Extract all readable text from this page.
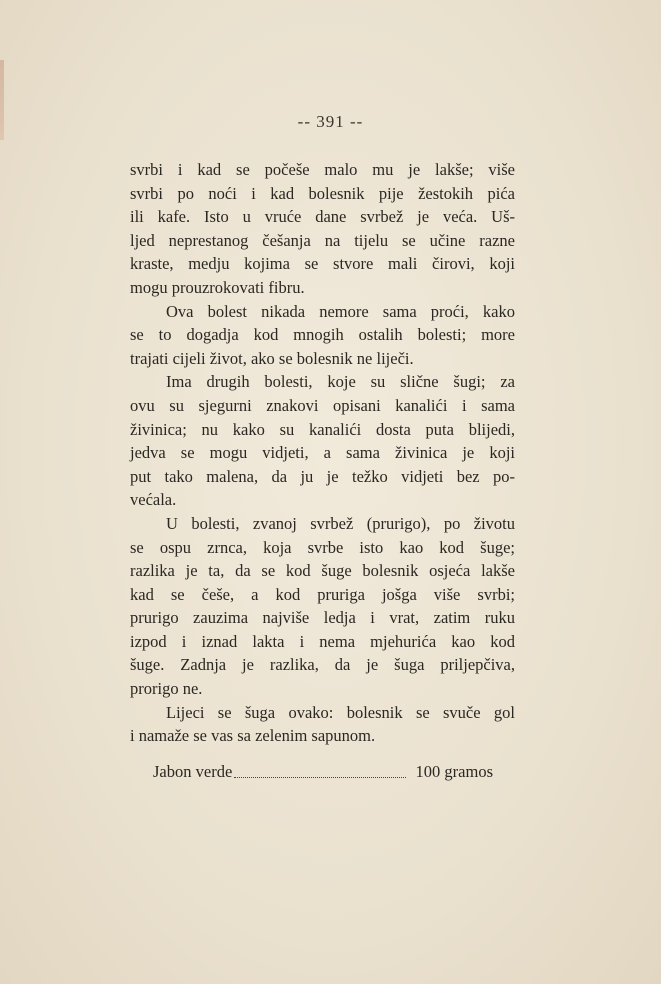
-- 391 --
svrbi i kad se počeše malo mu je lakše; više
svrbi po noći i kad bolesnik pije žestokih pića
ili kafe. Isto u vruće dane svrbež je veća. Uš-
ljed neprestanog češanja na tijelu se učine razne
kraste, medju kojima se stvore mali čirovi, koji
mogu prouzrokovati fibru.
Ova bolest nikada nemore sama proći, kako
se to dogadja kod mnogih ostalih bolesti; more
trajati cijeli život, ako se bolesnik ne liječi.
Ima drugih bolesti, koje su slične šugi; za
ovu su sjegurni znakovi opisani kanalići i sama
živinica; nu kako su kanalići dosta puta blijedi,
jedva se mogu vidjeti, a sama živinica je koji
put tako malena, da ju je težko vidjeti bez po-
većala.
U bolesti, zvanoj svrbež (prurigo), po životu
se ospu zrnca, koja svrbe isto kao kod šuge;
razlika je ta, da se kod šuge bolesnik osjeća lakše
kad se češe, a kod pruriga jošga više svrbi;
prurigo zauzima najviše ledja i vrat, zatim ruku
izpod i iznad lakta i nema mjehurića kao kod
šuge. Zadnja je razlika, da je šuga priljepčiva,
prorigo ne.
Lijeci se šuga ovako: bolesnik se svuče gol
i namaže se vas sa zelenim sapunom.
Jabon verde	100 gramos
